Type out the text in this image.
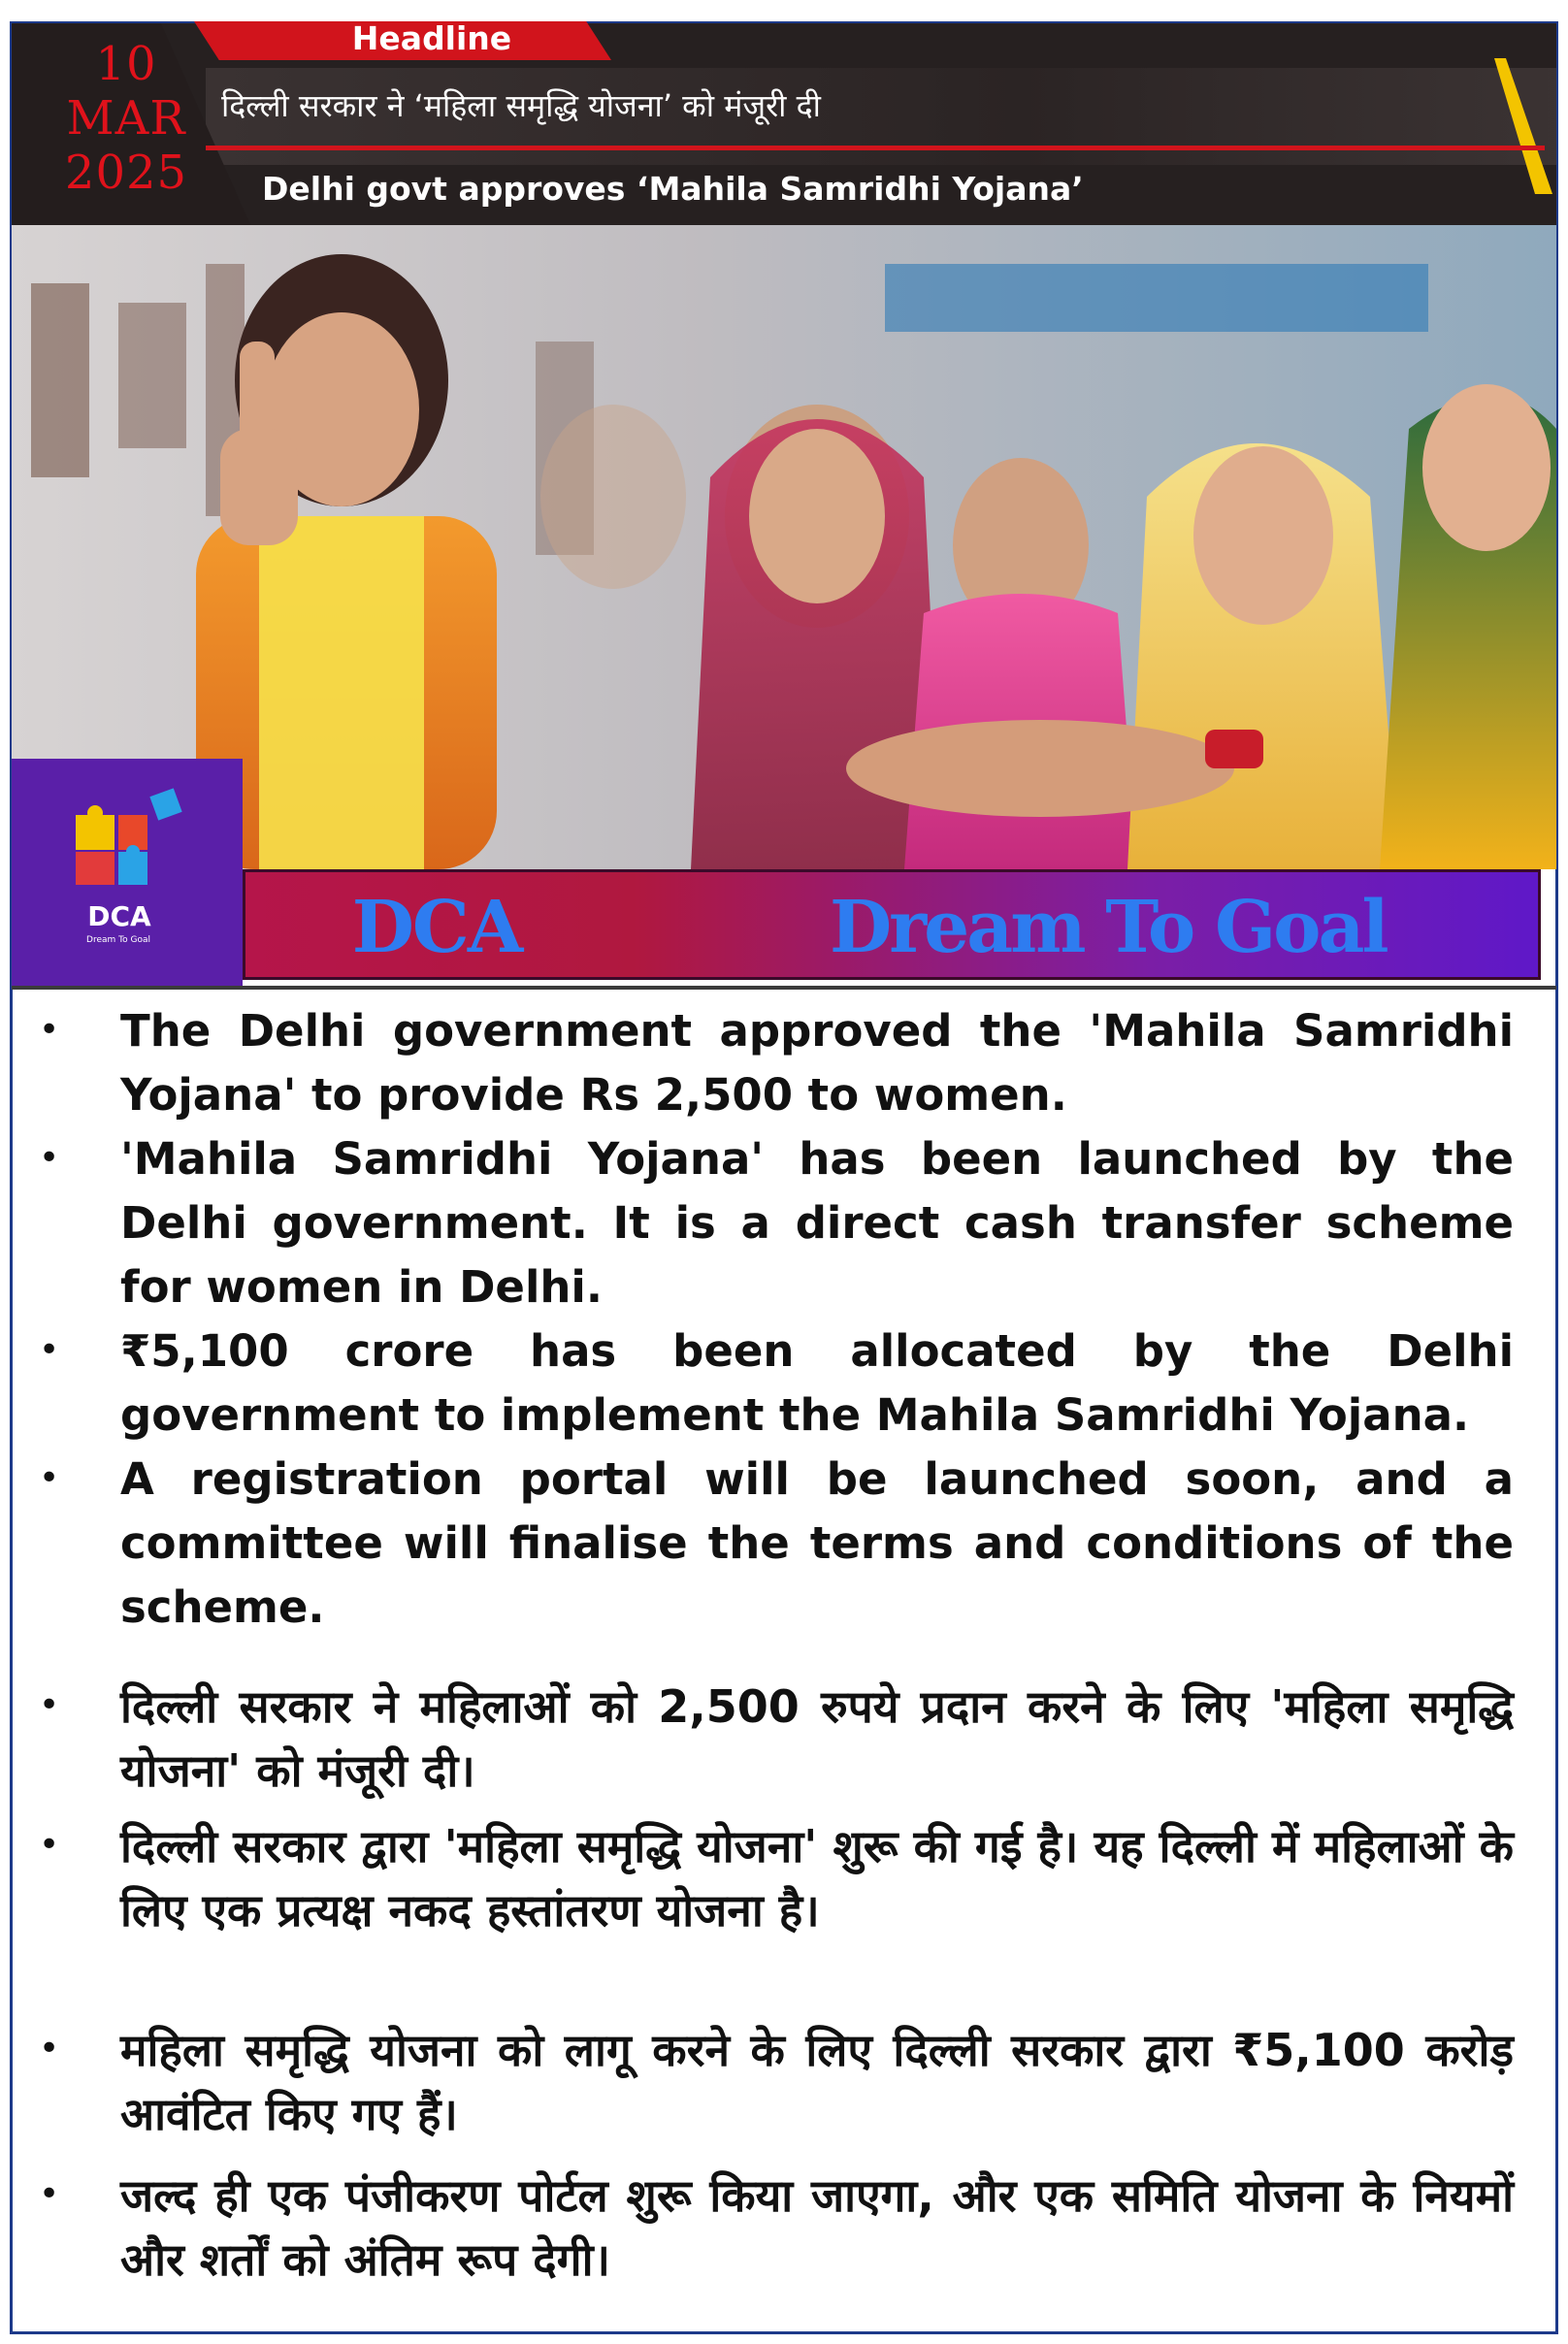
10
MAR
2025
Headline
दिल्ली सरकार ने ‘महिला समृद्धि योजना’ को मंजूरी दी
Delhi govt approves ‘Mahila Samridhi Yojana’
DCA
Dream To Goal	DCA	Dream To Goal
• The Delhi government approved the 'Mahila Samridhi Yojana' to provide Rs 2,500 to women.
• 'Mahila Samridhi Yojana' has been launched by the Delhi government. It is a direct cash transfer scheme for women in Delhi.
• ₹5,100 crore has been allocated by the Delhi government to implement the Mahila Samridhi Yojana.
• A registration portal will be launched soon, and a committee will finalise the terms and conditions of the scheme.
• दिल्ली सरकार ने महिलाओं को 2,500 रुपये प्रदान करने के लिए 'महिला समृद्धि योजना' को मंजूरी दी।
• दिल्ली सरकार द्वारा 'महिला समृद्धि योजना' शुरू की गई है। यह दिल्ली में महिलाओं के लिए एक प्रत्यक्ष नकद हस्तांतरण योजना है।
• महिला समृद्धि योजना को लागू करने के लिए दिल्ली सरकार द्वारा ₹5,100 करोड़ आवंटित किए गए हैं।
• जल्द ही एक पंजीकरण पोर्टल शुरू किया जाएगा, और एक समिति योजना के नियमों और शर्तों को अंतिम रूप देगी।
